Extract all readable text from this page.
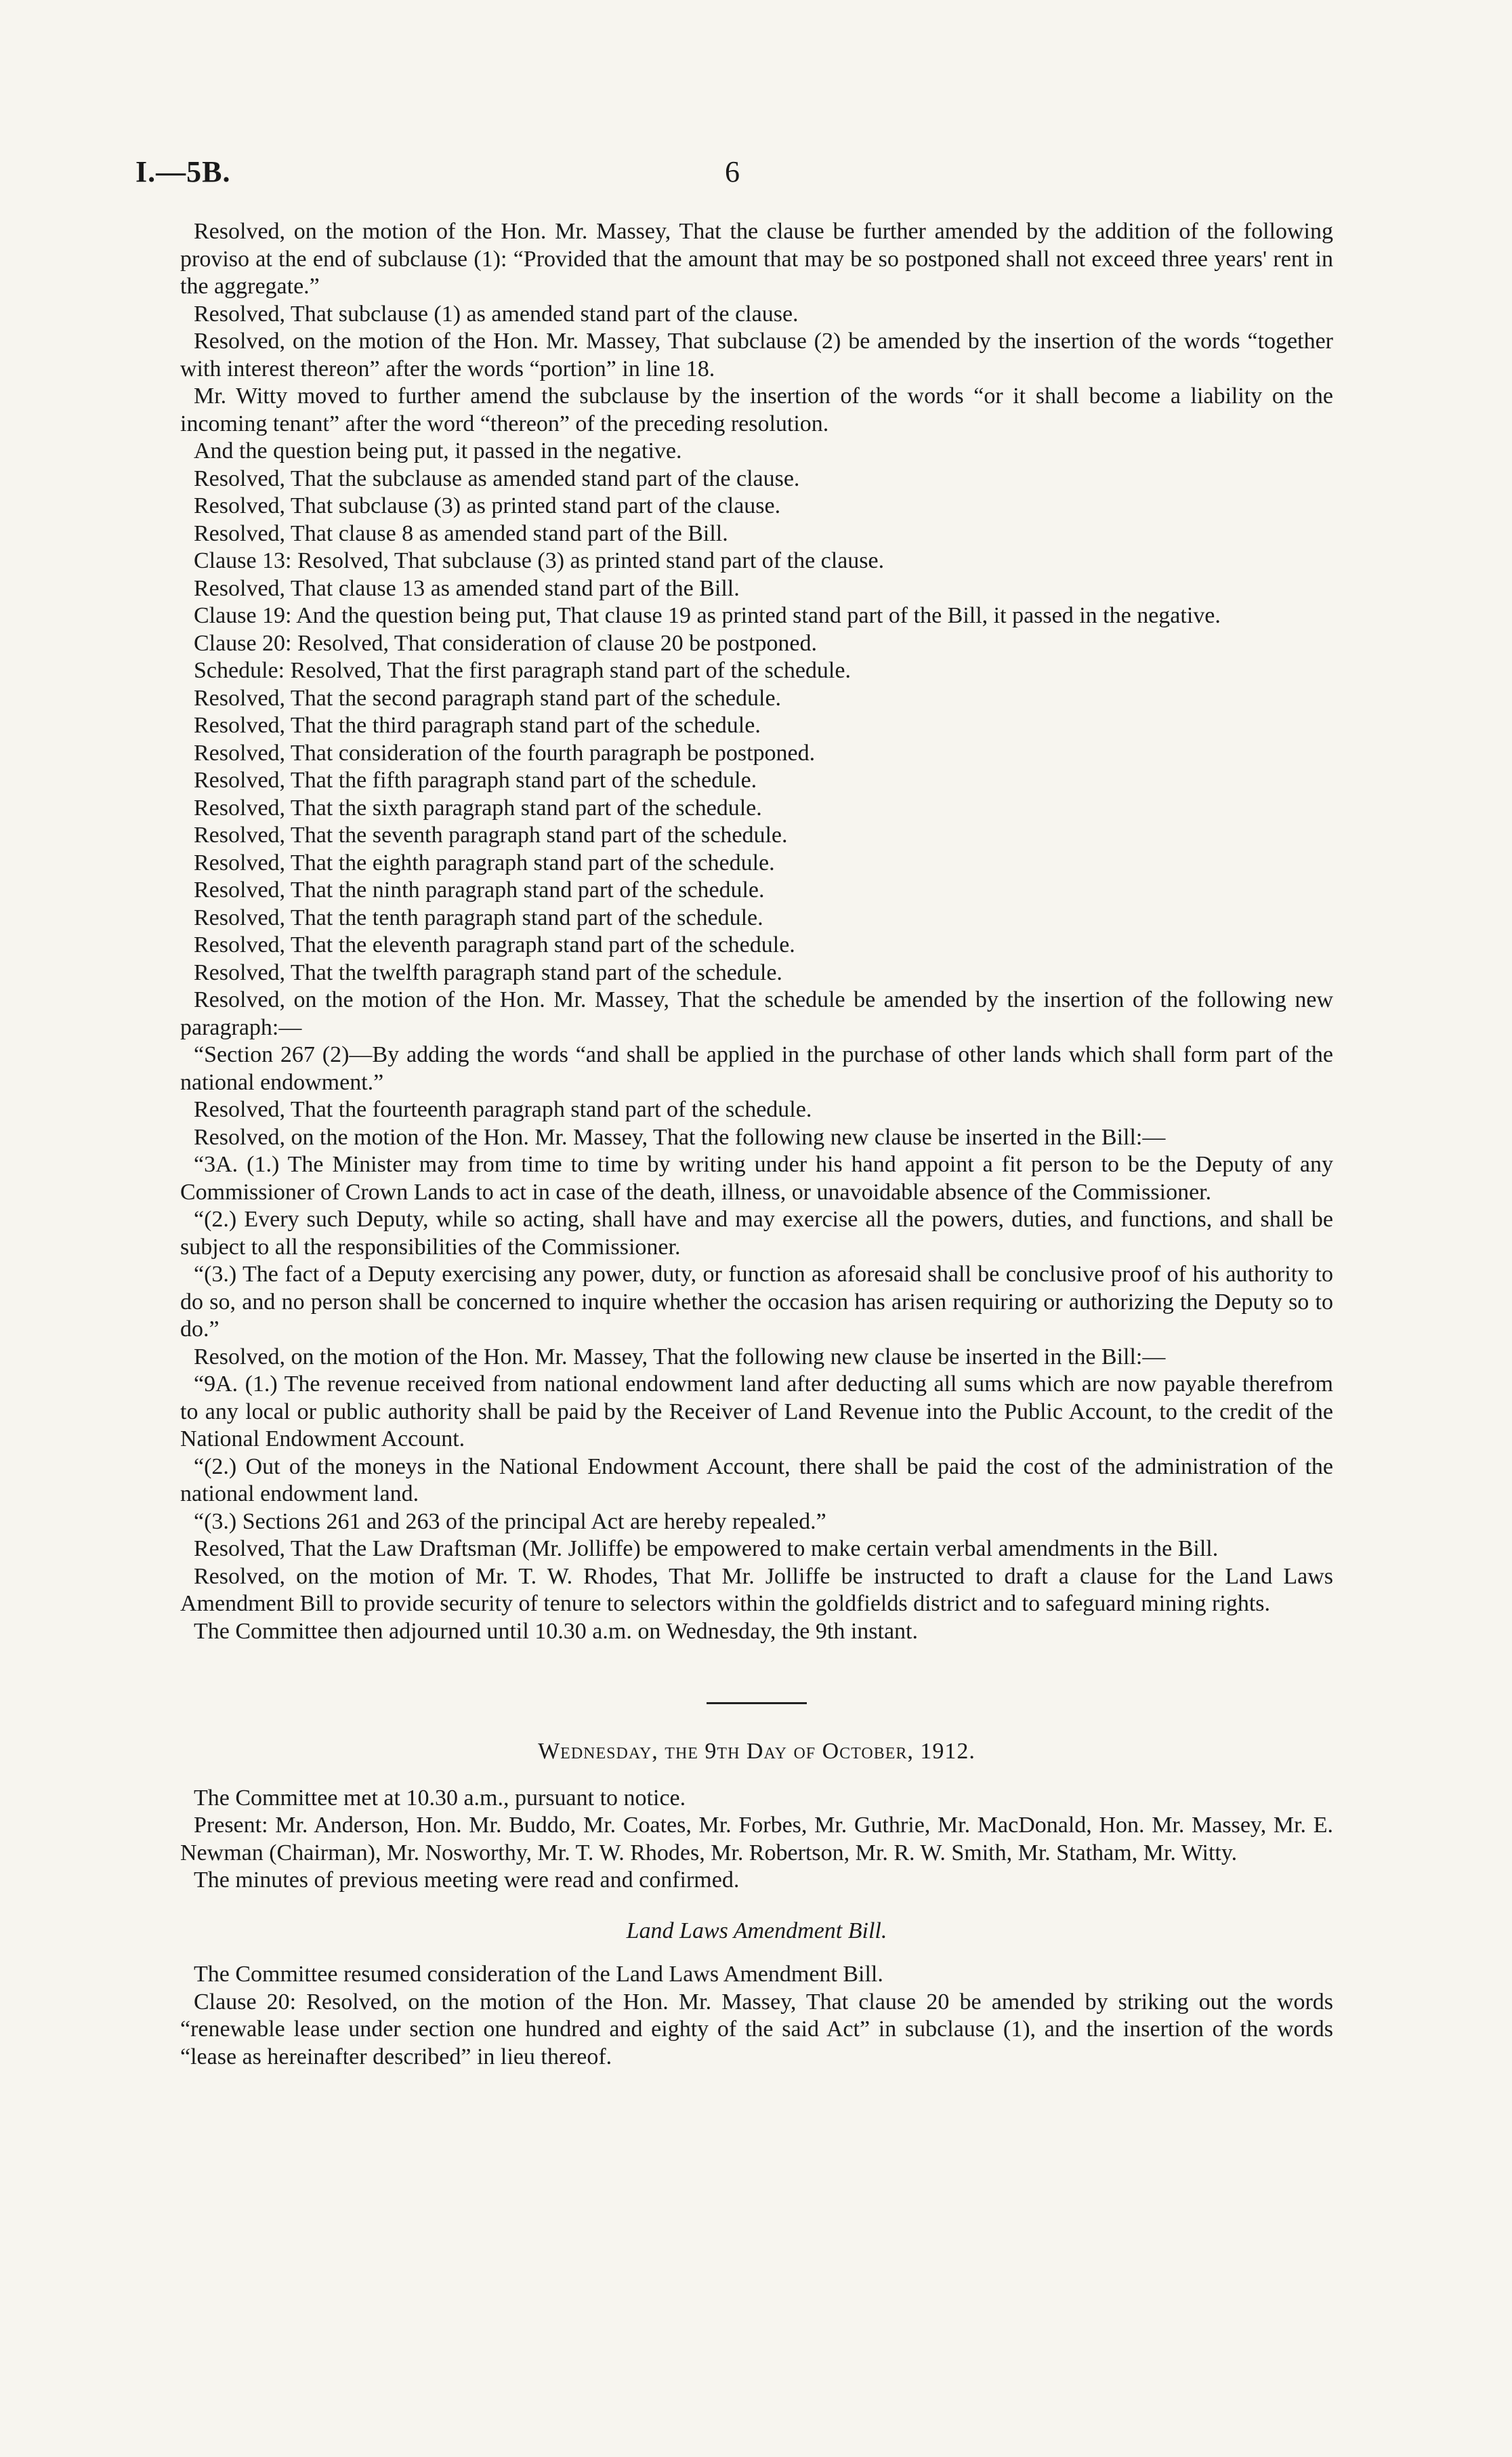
I.—5B.	6

Resolved, on the motion of the Hon. Mr. Massey, That the clause be further amended by the addition of the following proviso at the end of subclause (1): “Provided that the amount that may be so postponed shall not exceed three years' rent in the aggregate.”

Resolved, That subclause (1) as amended stand part of the clause.

Resolved, on the motion of the Hon. Mr. Massey, That subclause (2) be amended by the insertion of the words “together with interest thereon” after the words “portion” in line 18.

Mr. Witty moved to further amend the subclause by the insertion of the words “or it shall become a liability on the incoming tenant” after the word “thereon” of the preceding resolution.

And the question being put, it passed in the negative.

Resolved, That the subclause as amended stand part of the clause.

Resolved, That subclause (3) as printed stand part of the clause.

Resolved, That clause 8 as amended stand part of the Bill.

Clause 13: Resolved, That subclause (3) as printed stand part of the clause.

Resolved, That clause 13 as amended stand part of the Bill.

Clause 19: And the question being put, That clause 19 as printed stand part of the Bill, it passed in the negative.

Clause 20: Resolved, That consideration of clause 20 be postponed.

Schedule: Resolved, That the first paragraph stand part of the schedule.

Resolved, That the second paragraph stand part of the schedule.

Resolved, That the third paragraph stand part of the schedule.

Resolved, That consideration of the fourth paragraph be postponed.

Resolved, That the fifth paragraph stand part of the schedule.

Resolved, That the sixth paragraph stand part of the schedule.

Resolved, That the seventh paragraph stand part of the schedule.

Resolved, That the eighth paragraph stand part of the schedule.

Resolved, That the ninth paragraph stand part of the schedule.

Resolved, That the tenth paragraph stand part of the schedule.

Resolved, That the eleventh paragraph stand part of the schedule.

Resolved, That the twelfth paragraph stand part of the schedule.

Resolved, on the motion of the Hon. Mr. Massey, That the schedule be amended by the insertion of the following new paragraph:—

“Section 267 (2)—By adding the words “and shall be applied in the purchase of other lands which shall form part of the national endowment.”

Resolved, That the fourteenth paragraph stand part of the schedule.

Resolved, on the motion of the Hon. Mr. Massey, That the following new clause be inserted in the Bill:—

“3A. (1.) The Minister may from time to time by writing under his hand appoint a fit person to be the Deputy of any Commissioner of Crown Lands to act in case of the death, illness, or unavoidable absence of the Commissioner.

“(2.) Every such Deputy, while so acting, shall have and may exercise all the powers, duties, and functions, and shall be subject to all the responsibilities of the Commissioner.

“(3.) The fact of a Deputy exercising any power, duty, or function as aforesaid shall be conclusive proof of his authority to do so, and no person shall be concerned to inquire whether the occasion has arisen requiring or authorizing the Deputy so to do.”

Resolved, on the motion of the Hon. Mr. Massey, That the following new clause be inserted in the Bill:—

“9A. (1.) The revenue received from national endowment land after deducting all sums which are now payable therefrom to any local or public authority shall be paid by the Receiver of Land Revenue into the Public Account, to the credit of the National Endowment Account.

“(2.) Out of the moneys in the National Endowment Account, there shall be paid the cost of the administration of the national endowment land.

“(3.) Sections 261 and 263 of the principal Act are hereby repealed.”

Resolved, That the Law Draftsman (Mr. Jolliffe) be empowered to make certain verbal amendments in the Bill.

Resolved, on the motion of Mr. T. W. Rhodes, That Mr. Jolliffe be instructed to draft a clause for the Land Laws Amendment Bill to provide security of tenure to selectors within the goldfields district and to safeguard mining rights.

The Committee then adjourned until 10.30 a.m. on Wednesday, the 9th instant.

Wednesday, the 9th Day of October, 1912.

The Committee met at 10.30 a.m., pursuant to notice.

Present: Mr. Anderson, Hon. Mr. Buddo, Mr. Coates, Mr. Forbes, Mr. Guthrie, Mr. MacDonald, Hon. Mr. Massey, Mr. E. Newman (Chairman), Mr. Nosworthy, Mr. T. W. Rhodes, Mr. Robertson, Mr. R. W. Smith, Mr. Statham, Mr. Witty.

The minutes of previous meeting were read and confirmed.

Land Laws Amendment Bill.

The Committee resumed consideration of the Land Laws Amendment Bill.

Clause 20: Resolved, on the motion of the Hon. Mr. Massey, That clause 20 be amended by striking out the words “renewable lease under section one hundred and eighty of the said Act” in subclause (1), and the insertion of the words “lease as hereinafter described” in lieu thereof.
